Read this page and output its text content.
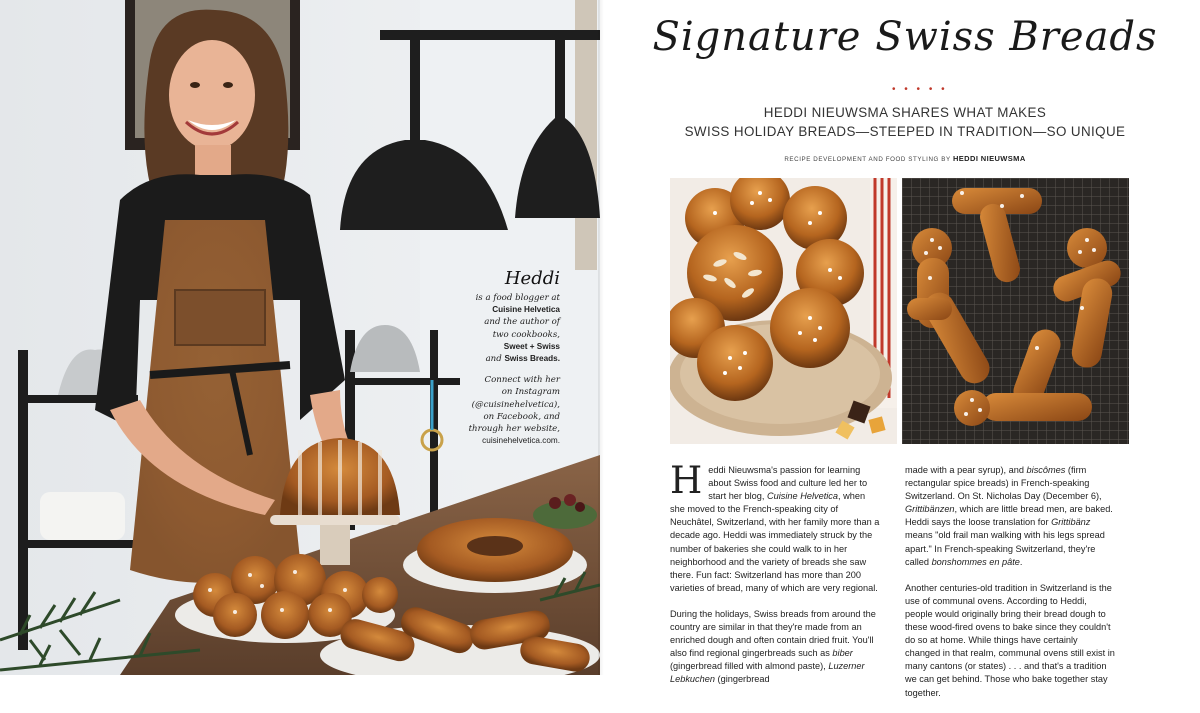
Heddi
is a food blogger at
Cuisine Helvetica
and the author of
two cookbooks,
Sweet + Swiss
and Swiss Breads.
Connect with her
on Instagram
(@cuisinehelvetica),
on Facebook, and
through her website,
cuisinehelvetica.com.
Signature Swiss Breads
• • • • •
HEDDI NIEUWSMA SHARES WHAT MAKES
SWISS HOLIDAY BREADS—STEEPED IN TRADITION—SO UNIQUE
RECIPE DEVELOPMENT AND FOOD STYLING BY HEDDI NIEUWSMA

Heddi Nieuwsma's passion for learning about Swiss food and culture led her to start her blog, Cuisine Helvetica, when she moved to the French-speaking city of Neuchâtel, Switzerland, with her family more than a decade ago. Heddi was immediately struck by the number of bakeries she could walk to in her neighborhood and the variety of breads she saw there. Fun fact: Switzerland has more than 200 varieties of bread, many of which are very regional.

During the holidays, Swiss breads from around the country are similar in that they're made from an enriched dough and often contain dried fruit. You'll also find regional gingerbreads such as biber (gingerbread filled with almond paste), Luzerner Lebkuchen (gingerbread

made with a pear syrup), and biscômes (firm rectangular spice breads) in French-speaking Switzerland. On St. Nicholas Day (December 6), Grittibänzen, which are little bread men, are baked. Heddi says the loose translation for Grittibänz means "old frail man walking with his legs spread apart." In French-speaking Switzerland, they're called bonshommes en pâte.

Another centuries-old tradition in Switzerland is the use of communal ovens. According to Heddi, people would originally bring their bread dough to these wood-fired ovens to bake since they couldn't do so at home. While things have certainly changed in that realm, communal ovens still exist in many cantons (or states) . . . and that's a tradition we can get behind. Those who bake together stay together.
